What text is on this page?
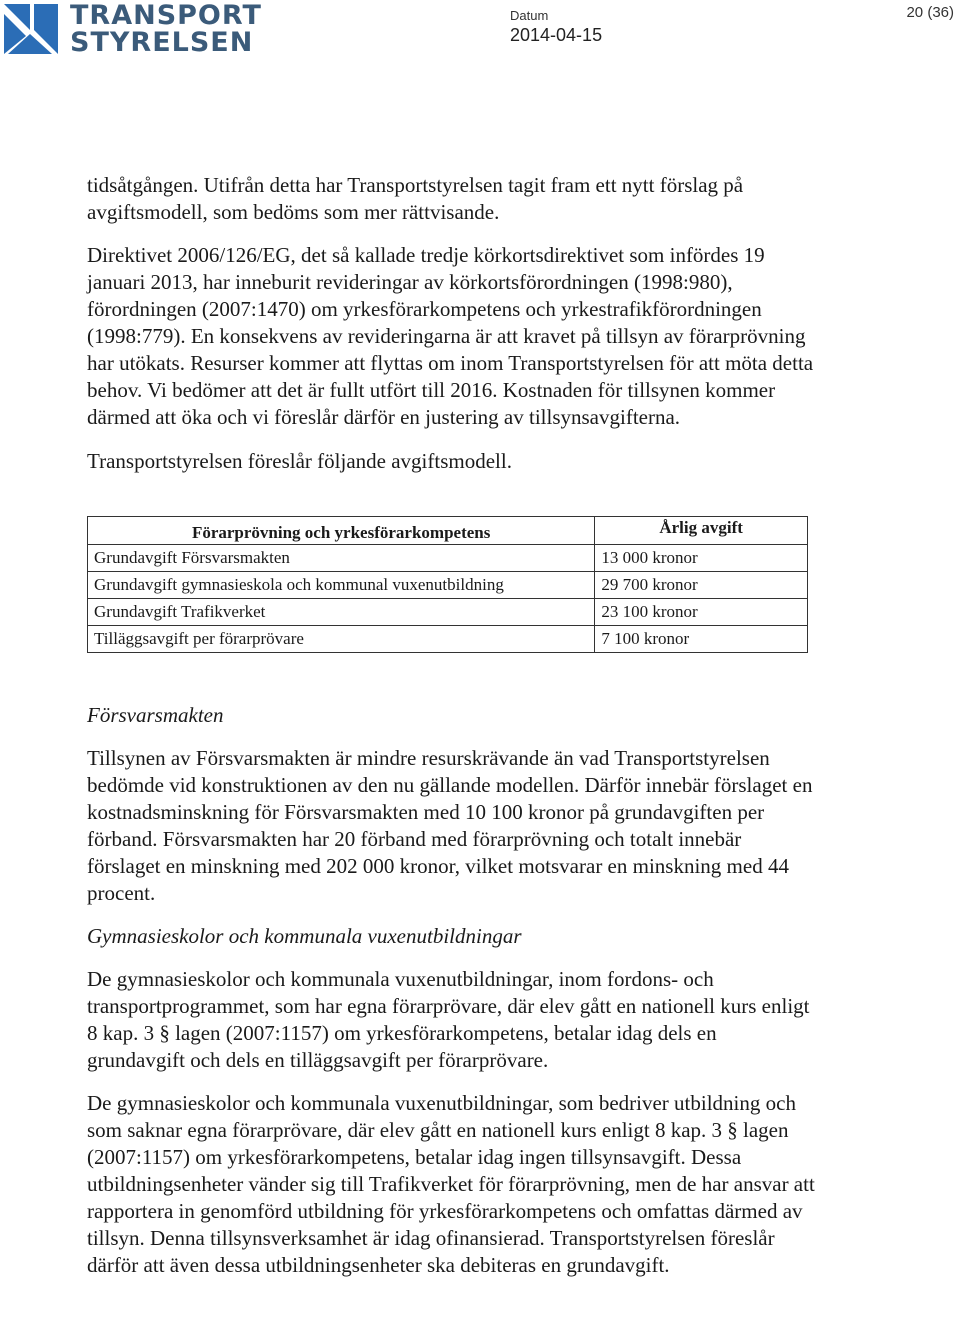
TRANSPORT
STYRELSEN
Datum
2014-04-15
20 (36)

tidsåtgången. Utifrån detta har Transportstyrelsen tagit fram ett nytt förslag på avgiftsmodell, som bedöms som mer rättvisande.

Direktivet 2006/126/EG, det så kallade tredje körkortsdirektivet som infördes 19 januari 2013, har inneburit revideringar av körkortsförordningen (1998:980), förordningen (2007:1470) om yrkesförarkompetens och yrkestrafikförordningen (1998:779). En konsekvens av revideringarna är att kravet på tillsyn av förarprövning har utökats. Resurser kommer att flyttas om inom Transportstyrelsen för att möta detta behov. Vi bedömer att det är fullt utfört till 2016. Kostnaden för tillsynen kommer därmed att öka och vi föreslår därför en justering av tillsynsavgifterna.

Transportstyrelsen föreslår följande avgiftsmodell.

Förarprövning och yrkesförarkompetens	Årlig avgift
Grundavgift Försvarsmakten	13 000 kronor
Grundavgift gymnasieskola och kommunal vuxenutbildning	29 700 kronor
Grundavgift Trafikverket	23 100 kronor
Tilläggsavgift per förarprövare	7 100 kronor

Försvarsmakten

Tillsynen av Försvarsmakten är mindre resurskrävande än vad Transportstyrelsen bedömde vid konstruktionen av den nu gällande modellen. Därför innebär förslaget en kostnadsminskning för Försvarsmakten med 10 100 kronor på grundavgiften per förband. Försvarsmakten har 20 förband med förarprövning och totalt innebär förslaget en minskning med 202 000 kronor, vilket motsvarar en minskning med 44 procent.

Gymnasieskolor och kommunala vuxenutbildningar

De gymnasieskolor och kommunala vuxenutbildningar, inom fordons- och transportprogrammet, som har egna förarprövare, där elev gått en nationell kurs enligt 8 kap. 3 § lagen (2007:1157) om yrkesförarkompetens, betalar idag dels en grundavgift och dels en tilläggsavgift per förarprövare.

De gymnasieskolor och kommunala vuxenutbildningar, som bedriver utbildning och som saknar egna förarprövare, där elev gått en nationell kurs enligt 8 kap. 3 § lagen (2007:1157) om yrkesförarkompetens, betalar idag ingen tillsynsavgift. Dessa utbildningsenheter vänder sig till Trafikverket för förarprövning, men de har ansvar att rapportera in genomförd utbildning för yrkesförarkompetens och omfattas därmed av tillsyn. Denna tillsynsverksamhet är idag ofinansierad. Transportstyrelsen föreslår därför att även dessa utbildningsenheter ska debiteras en grundavgift.
